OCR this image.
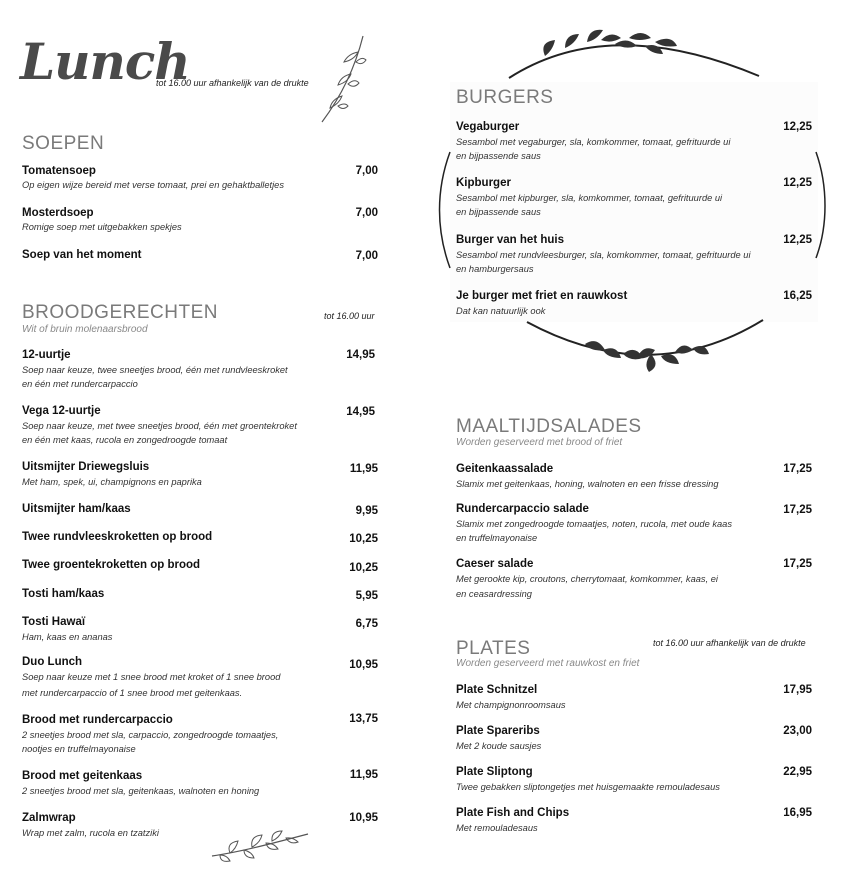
Lunch
tot 16.00 uur afhankelijk van de drukte
SOEPEN
Tomatensoep
Op eigen wijze bereid met verse tomaat, prei en gehaktballetjes
7,00
Mosterdsoep
Romige soep met uitgebakken spekjes
7,00
Soep van het moment	7,00
BROODGERECHTEN
Wit of bruin molenaarsbrood
tot 16.00 uur
12-uurtje
Soep naar keuze, twee sneetjes brood, één met rundvleeskroket
en één met rundercarpaccio
14,95
Vega 12-uurtje
Soep naar keuze, met twee sneetjes brood, één met groentekroket
en één met kaas, rucola en zongedroogde tomaat
14,95
Uitsmijter Driewegsluis
Met ham, spek, ui, champignons en paprika
11,95
Uitsmijter ham/kaas	9,95
Twee rundvleeskroketten op brood	10,25
Twee groentekroketten op brood	10,25
Tosti ham/kaas	5,95
Tosti Hawaï
Ham, kaas en ananas
6,75
Duo Lunch
Soep naar keuze met 1 snee brood met kroket of 1 snee brood
met rundercarpaccio of 1 snee brood met geitenkaas.
10,95
Brood met rundercarpaccio
2 sneetjes brood met sla, carpaccio, zongedroogde tomaatjes,
nootjes en truffelmayonaise
13,75
Brood met geitenkaas
2 sneetjes brood met sla, geitenkaas, walnoten en honing
11,95
Zalmwrap
Wrap met zalm, rucola en tzatziki
10,95
BURGERS
Vegaburger
Sesambol met vegaburger, sla, komkommer, tomaat, gefrituurde ui
en bijpassende saus
12,25
Kipburger
Sesambol met kipburger, sla, komkommer, tomaat, gefrituurde ui
en bijpassende saus
12,25
Burger van het huis
Sesambol met rundvleesburger, sla, komkommer, tomaat, gefrituurde ui
en hamburgersaus
12,25
Je burger met friet en rauwkost
Dat kan natuurlijk ook
16,25
MAALTIJDSALADES
Worden geserveerd met brood of friet
Geitenkaassalade
Slamix met geitenkaas, honing, walnoten en een frisse dressing
17,25
Rundercarpaccio salade
Slamix met zongedroogde tomaatjes, noten, rucola, met oude kaas
en truffelmayonaise
17,25
Caeser salade
Met gerookte kip, croutons, cherrytomaat, komkommer, kaas, ei
en ceasardressing
17,25
PLATES	tot 16.00 uur afhankelijk van de drukte
Worden geserveerd met rauwkost en friet
Plate Schnitzel
Met champignonroomsaus
17,95
Plate Spareribs
Met 2 koude sausjes
23,00
Plate Sliptong
Twee gebakken sliptongetjes met huisgemaakte remouladesaus
22,95
Plate Fish and Chips
Met remouladesaus
16,95
